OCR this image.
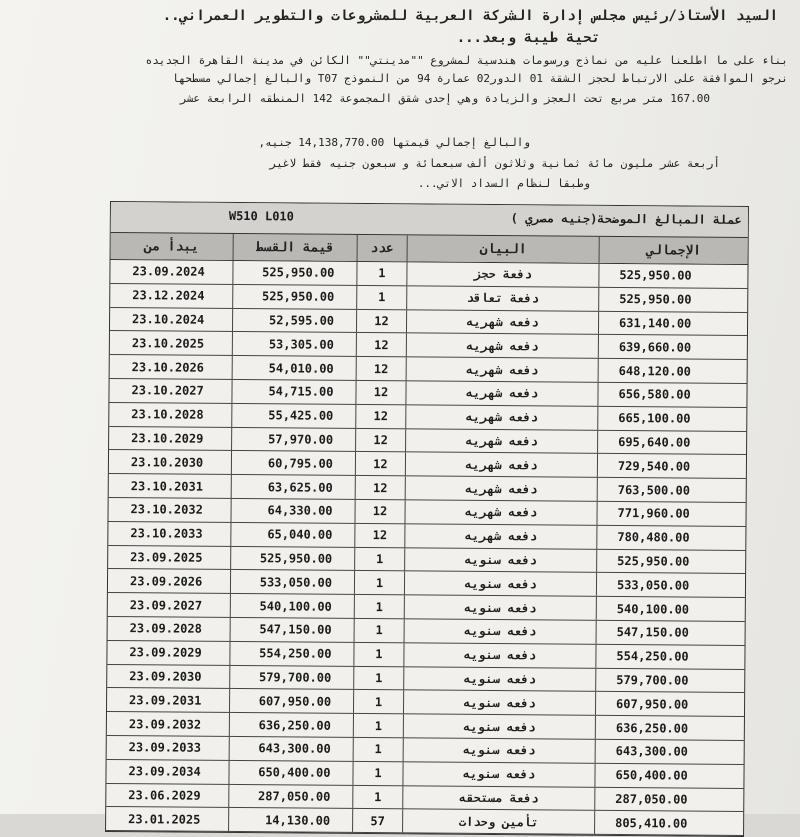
السيد الأستاذ/رئيس مجلس إدارة الشركة العربية للمشروعات والتطوير العمراني..
تحية طيبة وبعد...
بناء على ما اطلعنا عليه من نماذج ورسومات هندسية لمشروع ""مدينتي"" الكائن في مدينة القاهرة الجديده
نرجو الموافقة على الارتباط لحجز الشقة 01 الدور02 عمارة 94 من النموذج T07 والبالغ إجمالي مسطحها
167.00 متر مربع تحت العجز والزيادة وهي إحدى شقق المجموعة 142 المنطقه الرابعة عشر
والبالغ إجمالي قيمتها 14,138,770.00 جنيه,
أربعة عشر مليون مائة ثمانية وثلاثون ألف سبعمائة و سبعون جنيه فقط لاغير
وطبقا لنظام السداد الاتي...
W510 L010	عملة المبالغ الموضحة(جنيه مصري )
يبدأ من	قيمة القسط	عدد	البيان	الإجمالي
23.09.2024	525,950.00	1	دفعة حجز	525,950.00
23.12.2024	525,950.00	1	دفعة تعاقد	525,950.00
23.10.2024	52,595.00	12	دفعه شهريه	631,140.00
23.10.2025	53,305.00	12	دفعه شهريه	639,660.00
23.10.2026	54,010.00	12	دفعه شهريه	648,120.00
23.10.2027	54,715.00	12	دفعه شهريه	656,580.00
23.10.2028	55,425.00	12	دفعه شهريه	665,100.00
23.10.2029	57,970.00	12	دفعه شهريه	695,640.00
23.10.2030	60,795.00	12	دفعه شهريه	729,540.00
23.10.2031	63,625.00	12	دفعه شهريه	763,500.00
23.10.2032	64,330.00	12	دفعه شهريه	771,960.00
23.10.2033	65,040.00	12	دفعه شهريه	780,480.00
23.09.2025	525,950.00	1	دفعه سنويه	525,950.00
23.09.2026	533,050.00	1	دفعه سنويه	533,050.00
23.09.2027	540,100.00	1	دفعه سنويه	540,100.00
23.09.2028	547,150.00	1	دفعه سنويه	547,150.00
23.09.2029	554,250.00	1	دفعه سنويه	554,250.00
23.09.2030	579,700.00	1	دفعه سنويه	579,700.00
23.09.2031	607,950.00	1	دفعه سنويه	607,950.00
23.09.2032	636,250.00	1	دفعه سنويه	636,250.00
23.09.2033	643,300.00	1	دفعه سنويه	643,300.00
23.09.2034	650,400.00	1	دفعه سنويه	650,400.00
23.06.2029	287,050.00	1	دفعة مستحقه	287,050.00
23.01.2025	14,130.00	57	تأمين وحدات	805,410.00
